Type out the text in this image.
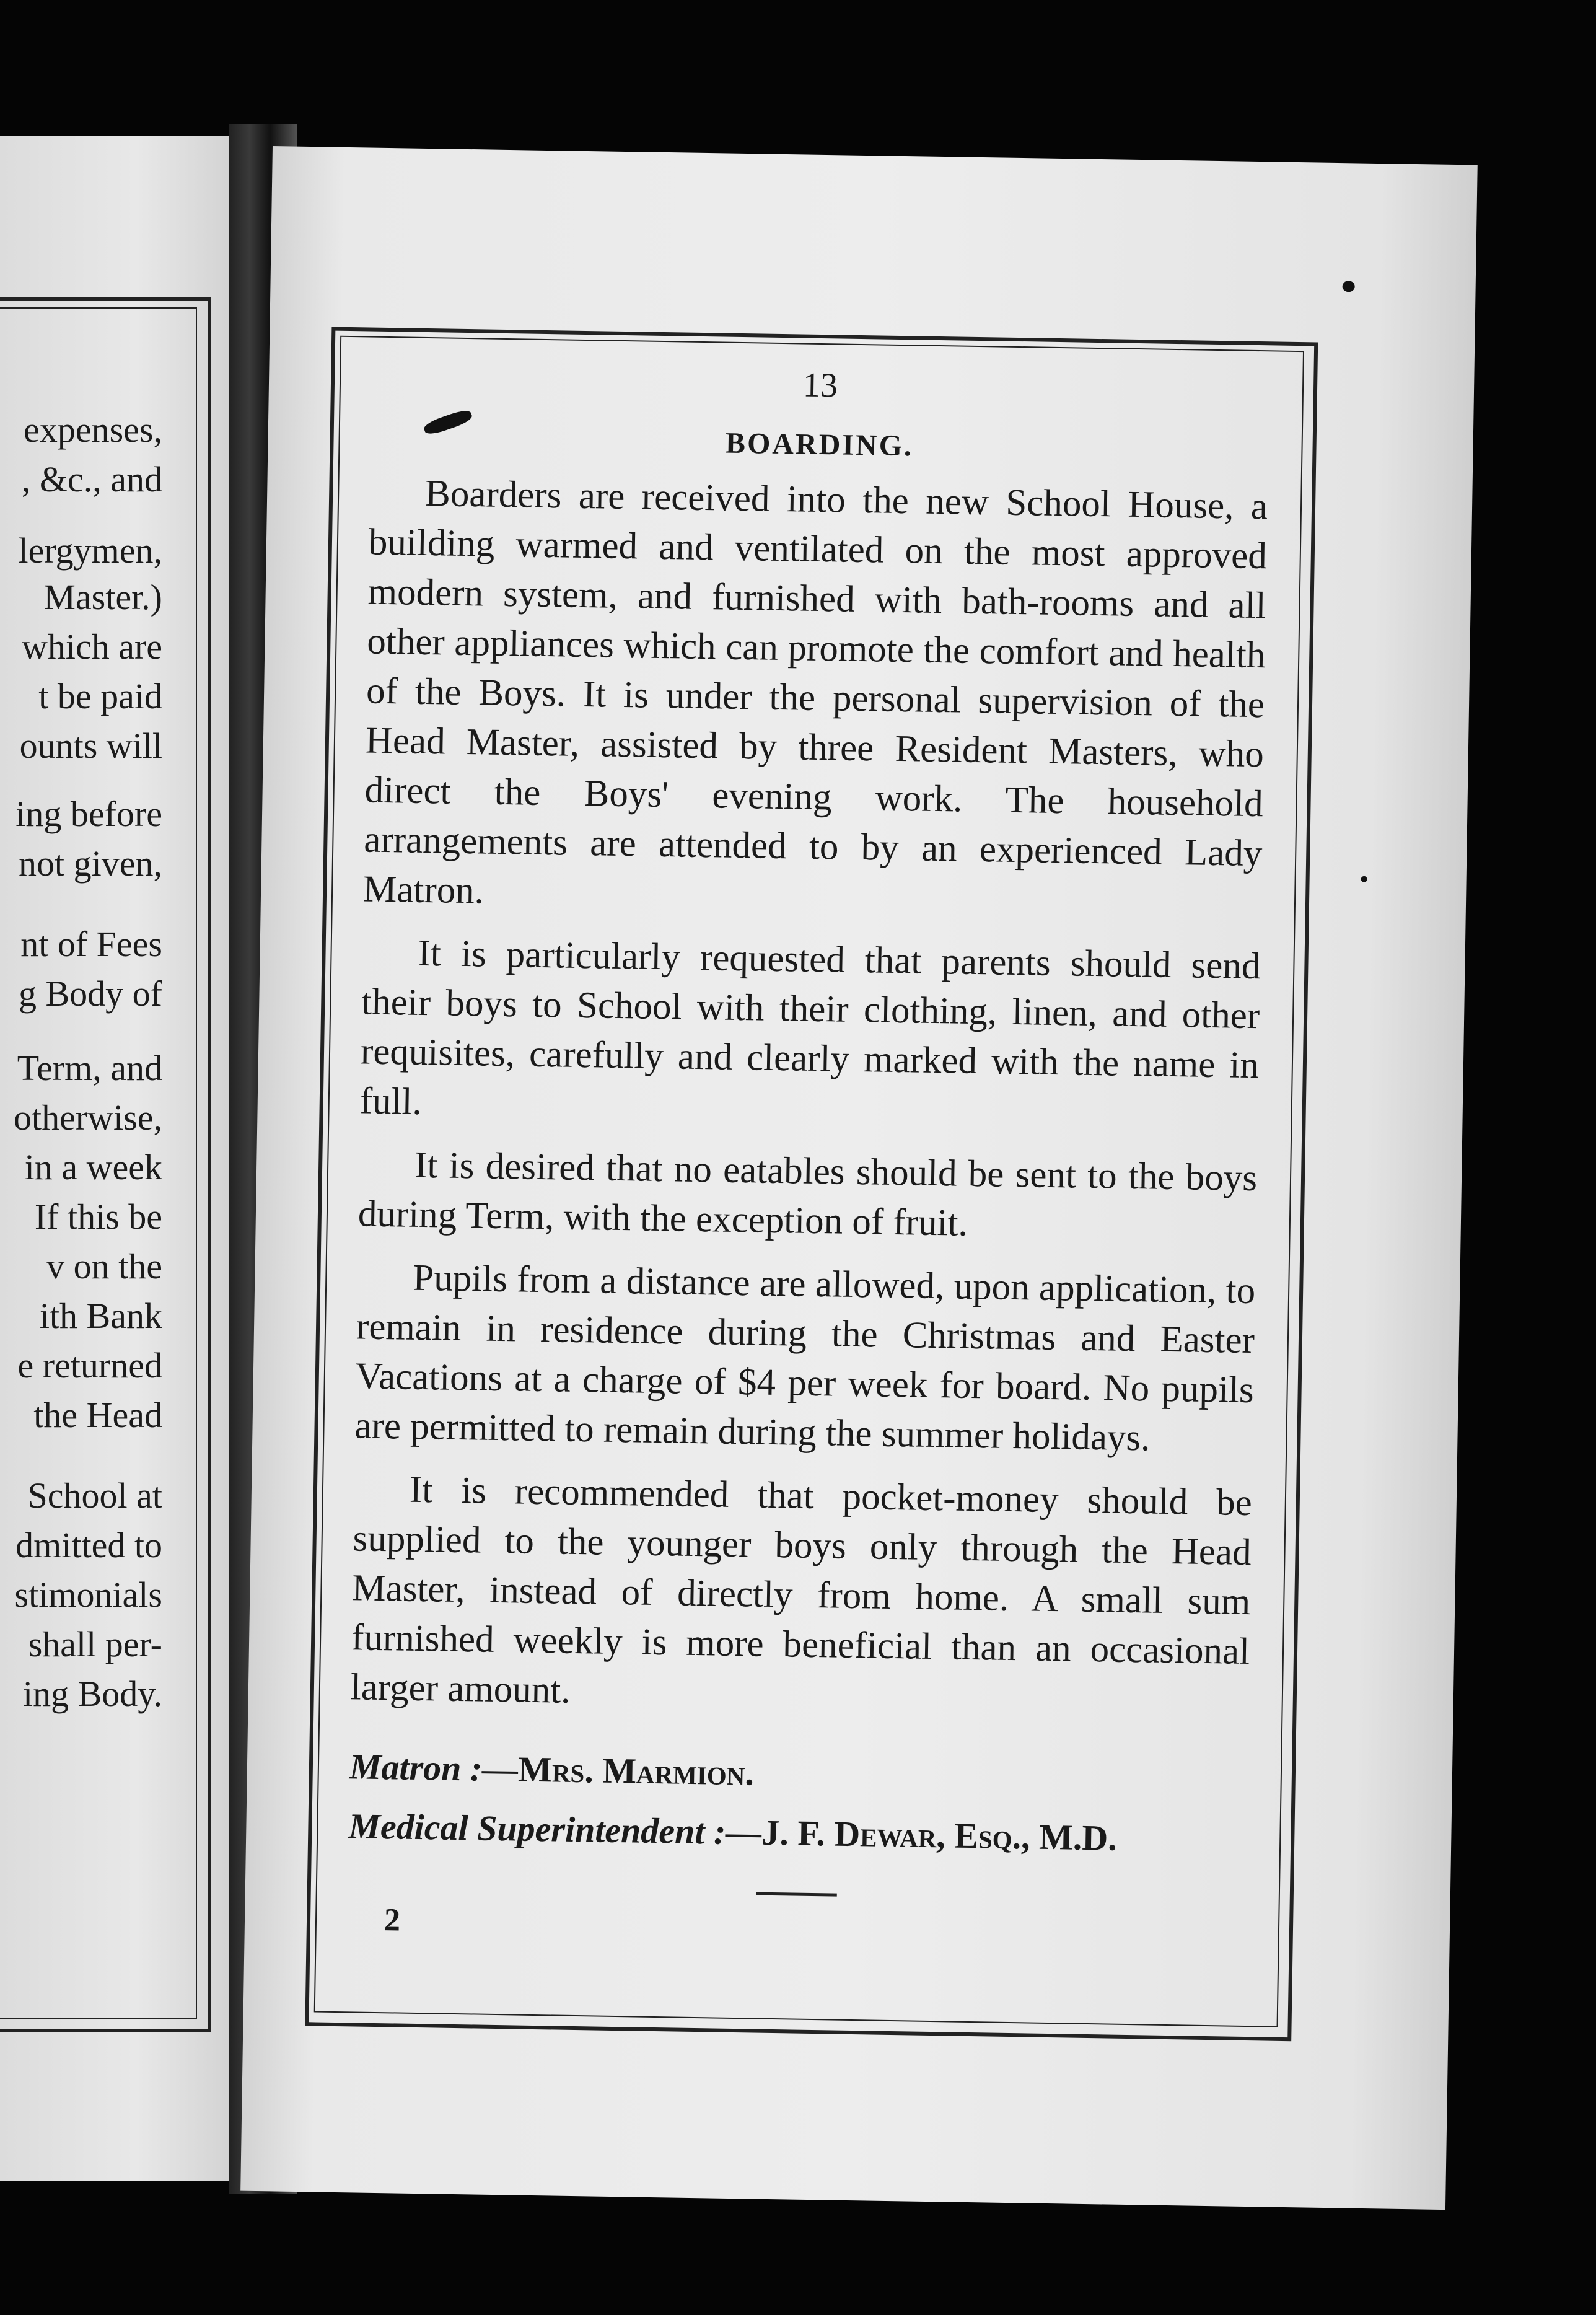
expenses,
, &c., and
lergymen,
Master.)
which are
t be paid
ounts will
ing before
not given,
nt of Fees
g Body of
Term, and
otherwise,
in a week
If this be
v on the
ith Bank
e returned
the Head
School at
dmitted to
stimonials
shall per-
ing Body.

13

BOARDING.

Boarders are received into the new School House, a building warmed and ventilated on the most approved modern system, and furnished with bath-rooms and all other appliances which can promote the comfort and health of the Boys. It is under the personal supervision of the Head Master, assisted by three Resident Masters, who direct the Boys' evening work. The household arrangements are attended to by an experienced Lady Matron.

It is particularly requested that parents should send their boys to School with their clothing, linen, and other requisites, carefully and clearly marked with the name in full.

It is desired that no eatables should be sent to the boys during Term, with the exception of fruit.

Pupils from a distance are allowed, upon application, to remain in residence during the Christmas and Easter Vacations at a charge of $4 per week for board. No pupils are permitted to remain during the summer holidays.

It is recommended that pocket-money should be supplied to the younger boys only through the Head Master, instead of directly from home. A small sum furnished weekly is more beneficial than an occasional larger amount.

Matron :—Mrs. Marmion.
Medical Superintendent :—J. F. Dewar, Esq., M.D.
2
